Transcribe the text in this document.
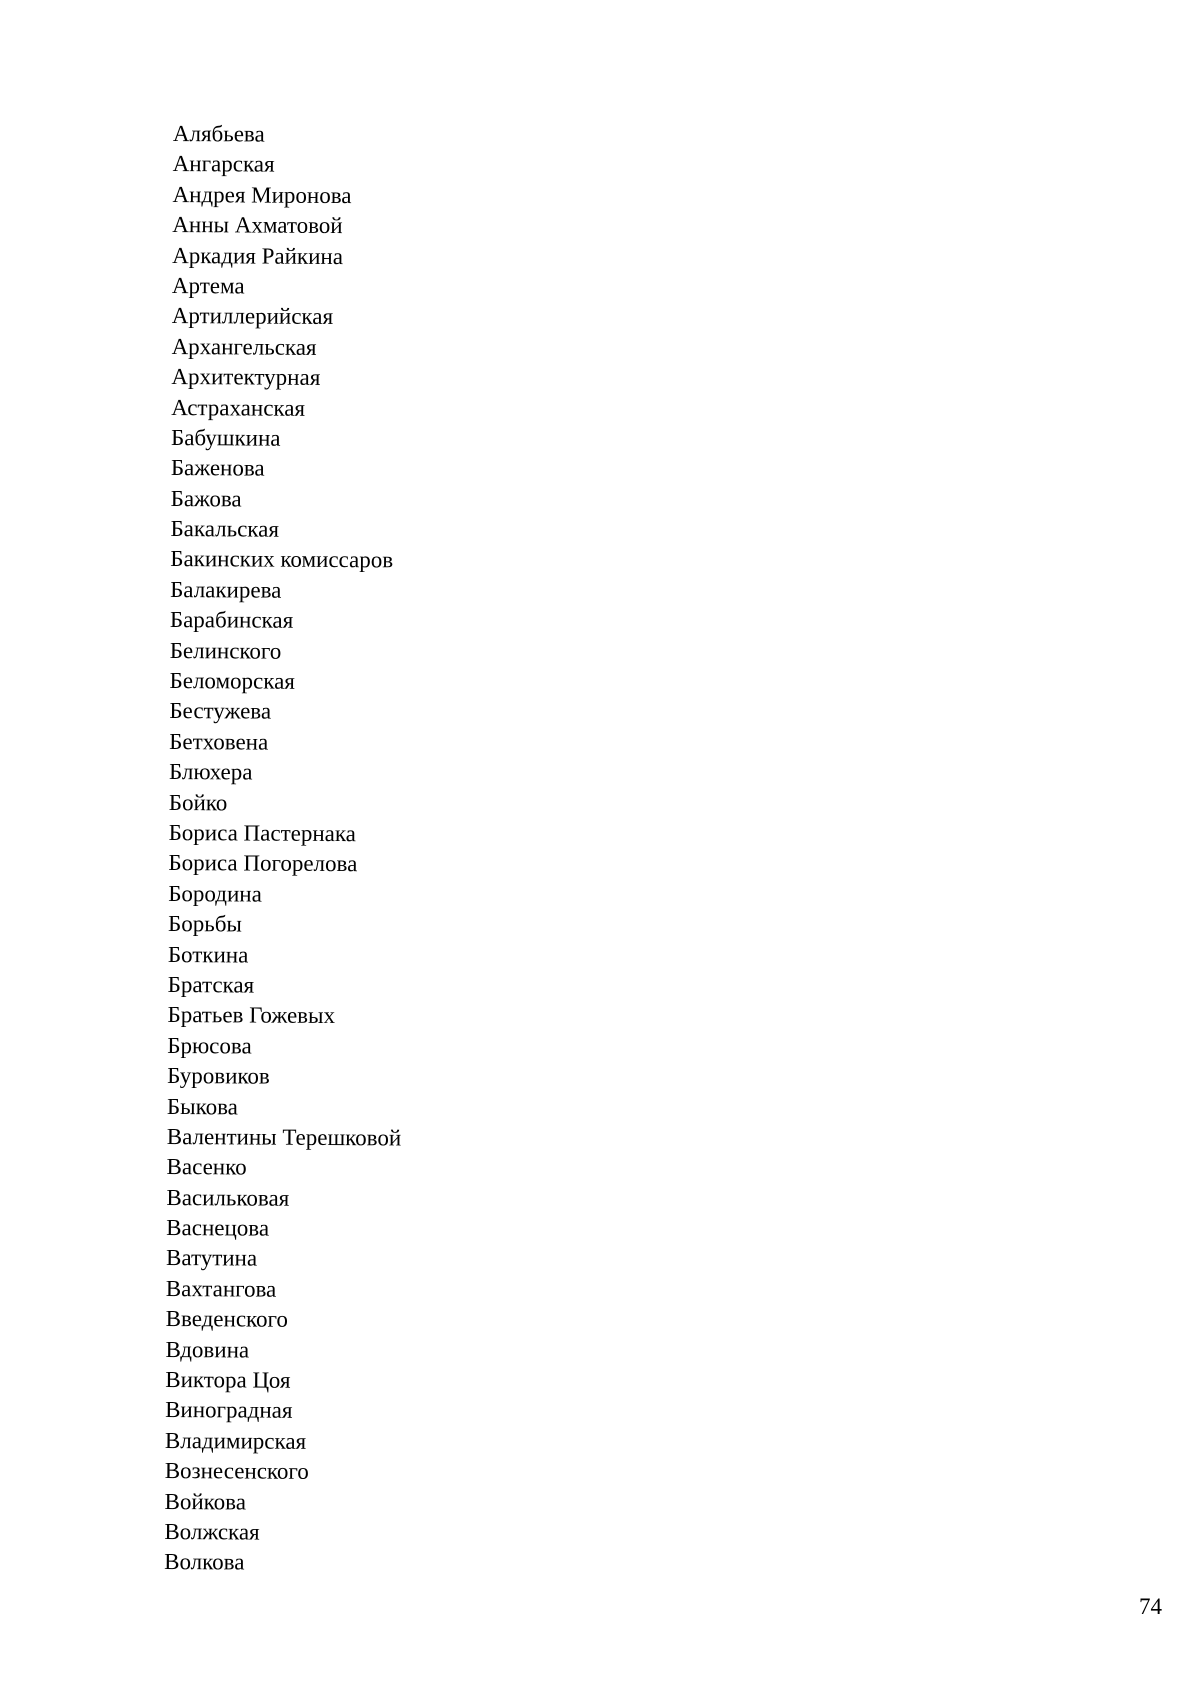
Алябьева
Ангарская
Андрея Миронова
Анны Ахматовой
Аркадия Райкина
Артема
Артиллерийская
Архангельская
Архитектурная
Астраханская
Бабушкина
Баженова
Бажова
Бакальская
Бакинских комиссаров
Балакирева
Барабинская
Белинского
Беломорская
Бестужева
Бетховена
Блюхера
Бойко
Бориса Пастернака
Бориса Погорелова
Бородина
Борьбы
Боткина
Братская
Братьев Гожевых
Брюсова
Буровиков
Быкова
Валентины Терешковой
Васенко
Васильковая
Васнецова
Ватутина
Вахтангова
Введенского
Вдовина
Виктора Цоя
Виноградная
Владимирская
Вознесенского
Войкова
Волжская
Волкова
74
